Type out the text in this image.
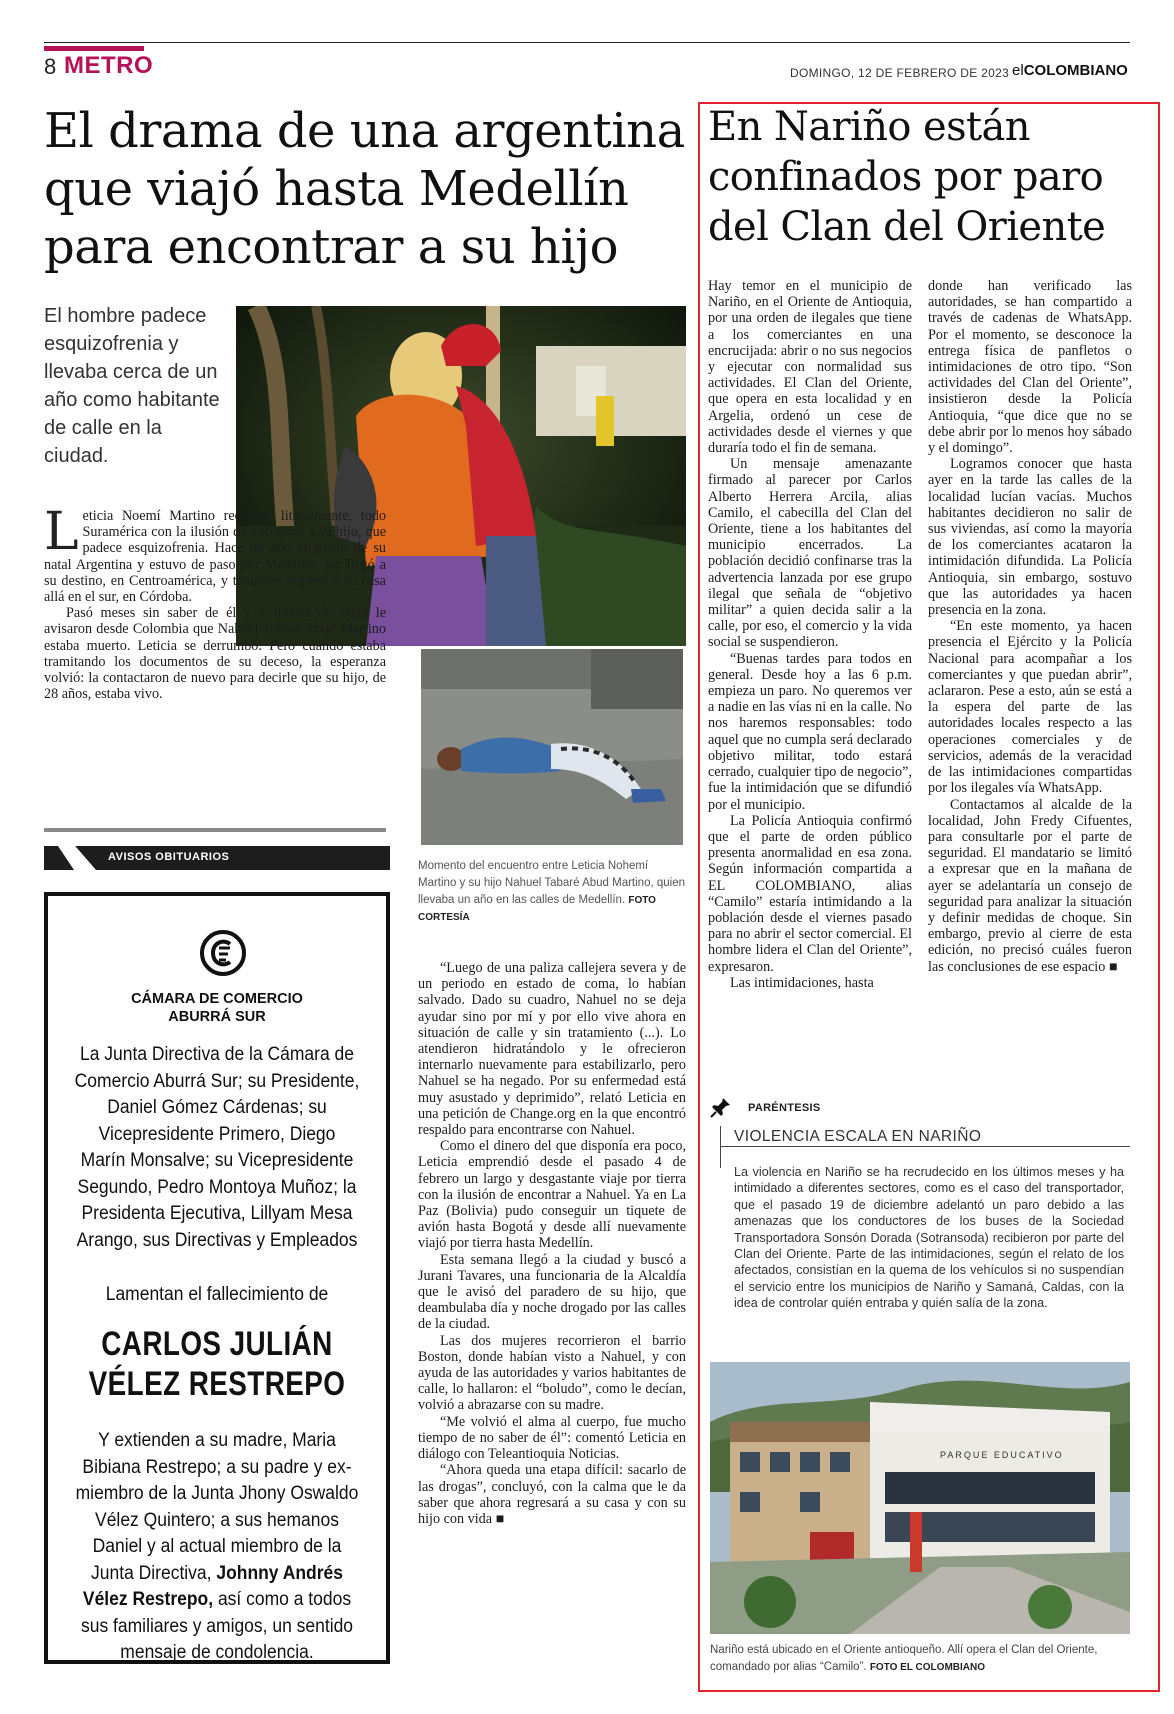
8 METRO	DOMINGO, 12 DE FEBRERO DE 2023 elCOLOMBIANO
El drama de una argentina
que viajó hasta Medellín
para encontrar a su hijo
El hombre padece esquizofrenia y llevaba cerca de un año como habitante de calle en la ciudad.
Momento del encuentro entre Leticia Nohemí Martino y su hijo Nahuel Tabaré Abud Martino, quien llevaba un año en las calles de Medellín. FOTO CORTESÍA

Leticia Noemí Martino recorrió, literalmente, todo Suramérica con la ilusión de encontrar a su hijo, que padece esquizofrenia. Hace un año él partió de su natal Argentina y estuvo de paso por Medellín. No llegó a su destino, en Centroamérica, y tampoco regresó a su casa allá en el sur, en Córdoba.

Pasó meses sin saber de él y a finales de 2022 le avisaron desde Colombia que Nahuel Tabaré Abud Martino estaba muerto. Leticia se derrumbó. Pero cuando estaba tramitando los documentos de su deceso, la esperanza volvió: la contactaron de nuevo para decirle que su hijo, de 28 años, estaba vivo.

“Luego de una paliza callejera severa y de un periodo en estado de coma, lo habían salvado. Dado su cuadro, Nahuel no se deja ayudar sino por mí y por ello vive ahora en situación de calle y sin tratamiento (...). Lo atendieron hidratándolo y le ofrecieron internarlo nuevamente para estabilizarlo, pero Nahuel se ha negado. Por su enfermedad está muy asustado y deprimido”, relató Leticia en una petición de Change.org en la que encontró respaldo para encontrarse con Nahuel.

Como el dinero del que disponía era poco, Leticia emprendió desde el pasado 4 de febrero un largo y desgastante viaje por tierra con la ilusión de encontrar a Nahuel. Ya en La Paz (Bolivia) pudo conseguir un tiquete de avión hasta Bogotá y desde allí nuevamente viajó por tierra hasta Medellín.

Esta semana llegó a la ciudad y buscó a Jurani Tavares, una funcionaria de la Alcaldía que le avisó del paradero de su hijo, que deambulaba día y noche drogado por las calles de la ciudad.

Las dos mujeres recorrieron el barrio Boston, donde habían visto a Nahuel, y con ayuda de las autoridades y varios habitantes de calle, lo hallaron: el “boludo”, como le decían, volvió a abrazarse con su madre.

“Me volvió el alma al cuerpo, fue mucho tiempo de no saber de él”: comentó Leticia en diálogo con Teleantioquia Noticias.

“Ahora queda una etapa difícil: sacarlo de las drogas”, concluyó, con la calma que le da saber que ahora regresará a su casa y con su hijo con vida ■

AVISOS OBITUARIOS
CÁMARA DE COMERCIO
ABURRÁ SUR
La Junta Directiva de la Cámara de Comercio Aburrá Sur; su Presidente, Daniel Gómez Cárdenas; su Vicepresidente Primero, Diego Marín Monsalve; su Vicepresidente Segundo, Pedro Montoya Muñoz; la Presidenta Ejecutiva, Lillyam Mesa Arango, sus Directivas y Empleados
Lamentan el fallecimiento de
CARLOS JULIÁN
VÉLEZ RESTREPO
Y extienden a su madre, Maria Bibiana Restrepo; a su padre y ex-miembro de la Junta Jhony Oswaldo Vélez Quintero; a sus hemanos Daniel y al actual miembro de la Junta Directiva, Johnny Andrés Vélez Restrepo, así como a todos sus familiares y amigos, un sentido mensaje de condolencia.
En Nariño están
confinados por paro
del Clan del Oriente

Hay temor en el municipio de Nariño, en el Oriente de Antioquia, por una orden de ilegales que tiene a los comerciantes en una encrucijada: abrir o no sus negocios y ejecutar con normalidad sus actividades. El Clan del Oriente, que opera en esta localidad y en Argelia, ordenó un cese de actividades desde el viernes y que duraría todo el fin de semana.

Un mensaje amenazante firmado al parecer por Carlos Alberto Herrera Arcila, alias Camilo, el cabecilla del Clan del Oriente, tiene a los habitantes del municipio encerrados. La población decidió confinarse tras la advertencia lanzada por ese grupo ilegal que señala de “objetivo militar” a quien decida salir a la calle, por eso, el comercio y la vida social se suspendieron.

“Buenas tardes para todos en general. Desde hoy a las 6 p.m. empieza un paro. No queremos ver a nadie en las vías ni en la calle. No nos haremos responsables: todo aquel que no cumpla será declarado objetivo militar, todo estará cerrado, cualquier tipo de negocio”, fue la intimidación que se difundió por el municipio.

La Policía Antioquia confirmó que el parte de orden público presenta anormalidad en esa zona. Según información compartida a EL COLOMBIANO, alias “Camilo” estaría intimidando a la población desde el viernes pasado para no abrir el sector comercial. El hombre lidera el Clan del Oriente”, expresaron.

Las intimidaciones, hasta

donde han verificado las autoridades, se han compartido a través de cadenas de WhatsApp. Por el momento, se desconoce la entrega física de panfletos o intimidaciones de otro tipo. “Son actividades del Clan del Oriente”, insistieron desde la Policía Antioquia, “que dice que no se debe abrir por lo menos hoy sábado y el domingo”.

Logramos conocer que hasta ayer en la tarde las calles de la localidad lucían vacías. Muchos habitantes decidieron no salir de sus viviendas, así como la mayoría de los comerciantes acataron la intimidación difundida. La Policía Antioquia, sin embargo, sostuvo que las autoridades ya hacen presencia en la zona.

“En este momento, ya hacen presencia el Ejército y la Policía Nacional para acompañar a los comerciantes y que puedan abrir”, aclararon. Pese a esto, aún se está a la espera del parte de las autoridades locales respecto a las operaciones comerciales y de servicios, además de la veracidad de las intimidaciones compartidas por los ilegales vía WhatsApp.

Contactamos al alcalde de la localidad, John Fredy Cifuentes, para consultarle por el parte de seguridad. El mandatario se limitó a expresar que en la mañana de ayer se adelantaría un consejo de seguridad para analizar la situación y definir medidas de choque. Sin embargo, previo al cierre de esta edición, no precisó cuáles fueron las conclusiones de ese espacio ■

PARÉNTESIS
VIOLENCIA ESCALA EN NARIÑO
La violencia en Nariño se ha recrudecido en los últimos meses y ha intimidado a diferentes sectores, como es el caso del transportador, que el pasado 19 de diciembre adelantó un paro debido a las amenazas que los conductores de los buses de la Sociedad Transportadora Sonsón Dorada (Sotransoda) recibieron por parte del Clan del Oriente. Parte de las intimidaciones, según el relato de los afectados, consistían en la quema de los vehículos si no suspendían el servicio entre los municipios de Nariño y Samaná, Caldas, con la idea de controlar quién entraba y quién salía de la zona.
PARQUE EDUCATIVO
Nariño está ubicado en el Oriente antioqueño. Allí opera el Clan del Oriente, comandado por alias “Camilo”. FOTO EL COLOMBIANO
